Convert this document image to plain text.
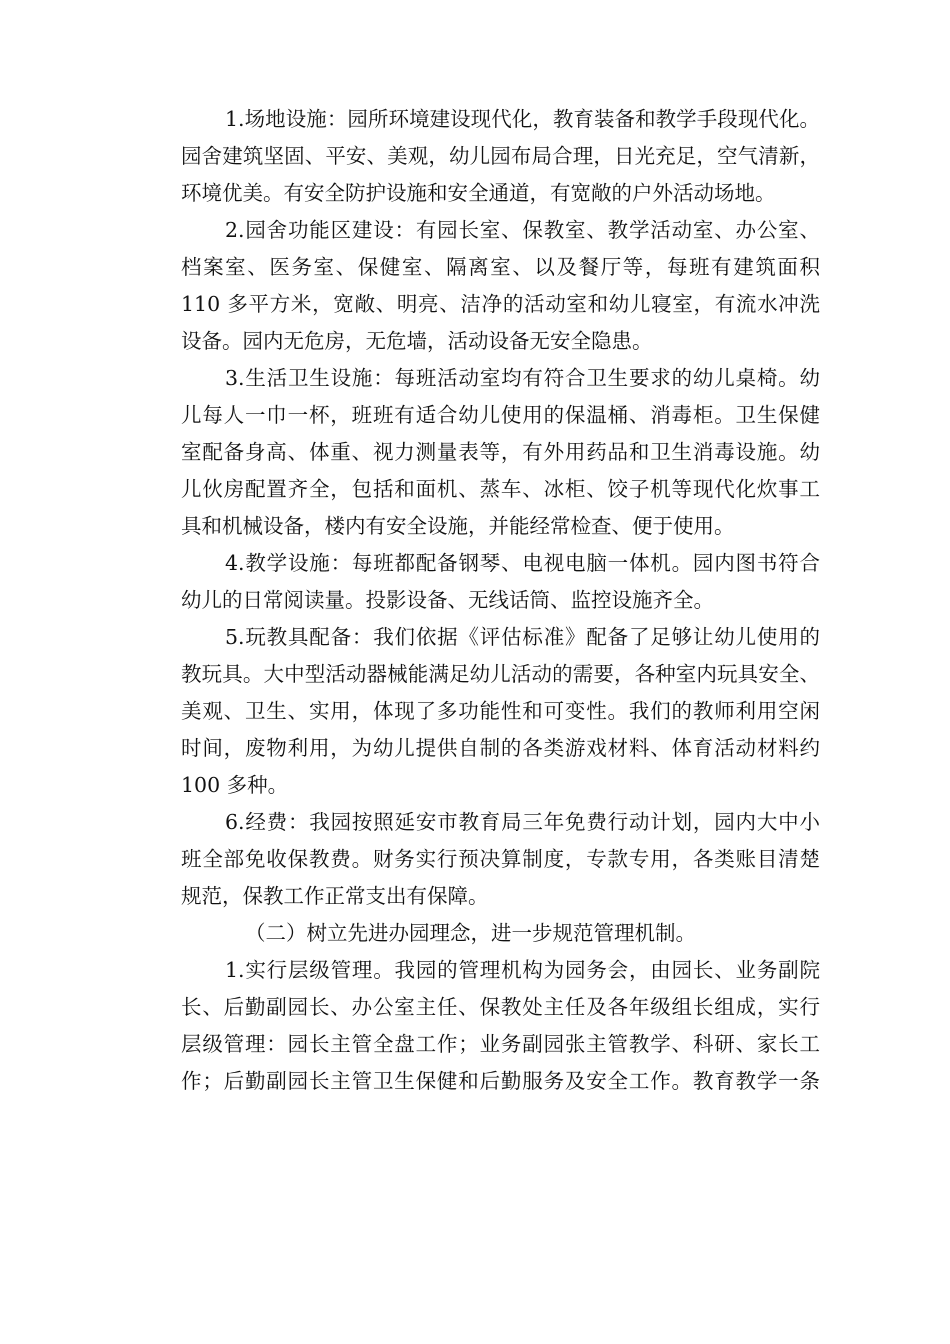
1.场地设施：园所环境建设现代化，教育装备和教学手段现代化。
园舍建筑坚固、平安、美观，幼儿园布局合理，日光充足，空气清新，
环境优美。有安全防护设施和安全通道，有宽敞的户外活动场地。
2.园舍功能区建设：有园长室、保教室、教学活动室、办公室、
档案室、医务室、保健室、隔离室、以及餐厅等，每班有建筑面积
110 多平方米，宽敞、明亮、洁净的活动室和幼儿寝室，有流水冲洗
设备。园内无危房，无危墙，活动设备无安全隐患。
3.生活卫生设施：每班活动室均有符合卫生要求的幼儿桌椅。幼
儿每人一巾一杯，班班有适合幼儿使用的保温桶、消毒柜。卫生保健
室配备身高、体重、视力测量表等，有外用药品和卫生消毒设施。幼
儿伙房配置齐全，包括和面机、蒸车、冰柜、饺子机等现代化炊事工
具和机械设备，楼内有安全设施，并能经常检查、便于使用。
4.教学设施：每班都配备钢琴、电视电脑一体机。园内图书符合
幼儿的日常阅读量。投影设备、无线话筒、监控设施齐全。
5.玩教具配备：我们依据《评估标准》配备了足够让幼儿使用的
教玩具。大中型活动器械能满足幼儿活动的需要，各种室内玩具安全、
美观、卫生、实用，体现了多功能性和可变性。我们的教师利用空闲
时间，废物利用，为幼儿提供自制的各类游戏材料、体育活动材料约
100 多种。
6.经费：我园按照延安市教育局三年免费行动计划，园内大中小
班全部免收保教费。财务实行预决算制度，专款专用，各类账目清楚
规范，保教工作正常支出有保障。
（二）树立先进办园理念，进一步规范管理机制。
1.实行层级管理。我园的管理机构为园务会，由园长、业务副院
长、后勤副园长、办公室主任、保教处主任及各年级组长组成，实行
层级管理：园长主管全盘工作；业务副园张主管教学、科研、家长工
作；后勤副园长主管卫生保健和后勤服务及安全工作。教育教学一条
